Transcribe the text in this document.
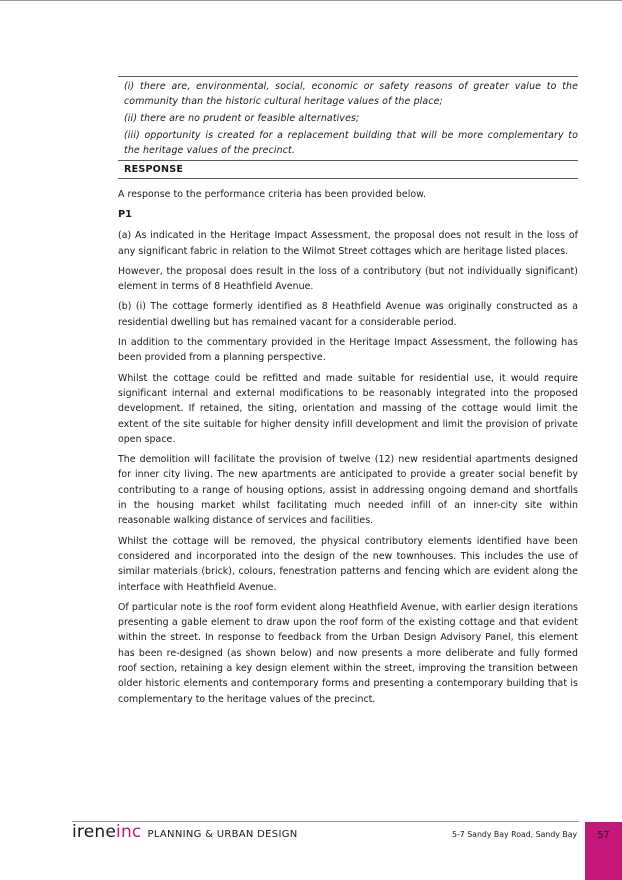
(i) there are, environmental, social, economic or safety reasons of greater value to the community than the historic cultural heritage values of the place;

(ii) there are no prudent or feasible alternatives;

(iii) opportunity is created for a replacement building that will be more complementary to the heritage values of the precinct.

RESPONSE

A response to the performance criteria has been provided below.

P1

(a) As indicated in the Heritage Impact Assessment, the proposal does not result in the loss of any significant fabric in relation to the Wilmot Street cottages which are heritage listed places.

However, the proposal does result in the loss of a contributory (but not individually significant) element in terms of 8 Heathfield Avenue.

(b) (i) The cottage formerly identified as 8 Heathfield Avenue was originally constructed as a residential dwelling but has remained vacant for a considerable period.

In addition to the commentary provided in the Heritage Impact Assessment, the following has been provided from a planning perspective.

Whilst the cottage could be refitted and made suitable for residential use, it would require significant internal and external modifications to be reasonably integrated into the proposed development. If retained, the siting, orientation and massing of the cottage would limit the extent of the site suitable for higher density infill development and limit the provision of private open space.

The demolition will facilitate the provision of twelve (12) new residential apartments designed for inner city living. The new apartments are anticipated to provide a greater social benefit by contributing to a range of housing options, assist in addressing ongoing demand and shortfalls in the housing market whilst facilitating much needed infill of an inner-city site within reasonable walking distance of services and facilities.

Whilst the cottage will be removed, the physical contributory elements identified have been considered and incorporated into the design of the new townhouses. This includes the use of similar materials (brick), colours, fenestration patterns and fencing which are evident along the interface with Heathfield Avenue.

Of particular note is the roof form evident along Heathfield Avenue, with earlier design iterations presenting a gable element to draw upon the roof form of the existing cottage and that evident within the street. In response to feedback from the Urban Design Advisory Panel, this element has been re-designed (as shown below) and now presents a more deliberate and fully formed roof section, retaining a key design element within the street, improving the transition between older historic elements and contemporary forms and presenting a contemporary building that is complementary to the heritage values of the precinct.

irene inc PLANNING & URBAN DESIGN	5-7 Sandy Bay Road, Sandy Bay 57
